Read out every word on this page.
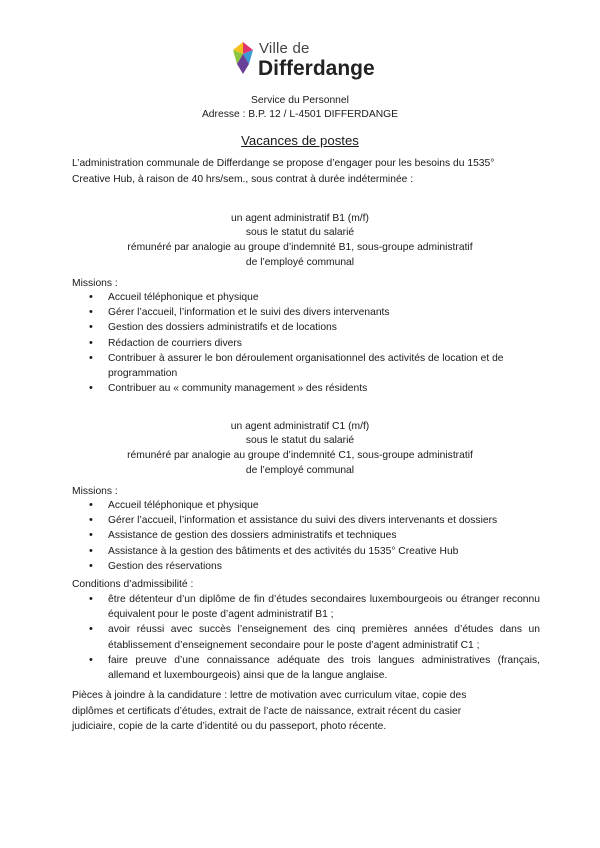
Ville de
Differdange
Service du Personnel
Adresse : B.P. 12 / L-4501 DIFFERDANGE
Vacances de postes
L’administration communale de Differdange se propose d’engager pour les besoins du 1535°
Creative Hub, à raison de 40 hrs/sem., sous contrat à durée indéterminée :
un agent administratif B1 (m/f)
sous le statut du salarié
rémunéré par analogie au groupe d’indemnité B1, sous-groupe administratif
de l’employé communal
Missions :
• Accueil téléphonique et physique
• Gérer l’accueil, l’information et le suivi des divers intervenants
• Gestion des dossiers administratifs et de locations
• Rédaction de courriers divers
• Contribuer à assurer le bon déroulement organisationnel des activités de location et de programmation
• Contribuer au « community management » des résidents
un agent administratif C1 (m/f)
sous le statut du salarié
rémunéré par analogie au groupe d’indemnité C1, sous-groupe administratif
de l’employé communal
Missions :
• Accueil téléphonique et physique
• Gérer l’accueil, l’information et assistance du suivi des divers intervenants et dossiers
• Assistance de gestion des dossiers administratifs et techniques
• Assistance à la gestion des bâtiments et des activités du 1535° Creative Hub
• Gestion des réservations
Conditions d’admissibilité :
• être détenteur d’un diplôme de fin d’études secondaires luxembourgeois ou étranger reconnu équivalent pour le poste d’agent administratif B1 ;
• avoir réussi avec succès l’enseignement des cinq premières années d’études dans un établissement d’enseignement secondaire pour le poste d’agent administratif C1 ;
• faire preuve d’une connaissance adéquate des trois langues administratives (français, allemand et luxembourgeois) ainsi que de la langue anglaise.
Pièces à joindre à la candidature : lettre de motivation avec curriculum vitae, copie des
diplômes et certificats d’études, extrait de l’acte de naissance, extrait récent du casier
judiciaire, copie de la carte d’identité ou du passeport, photo récente.
